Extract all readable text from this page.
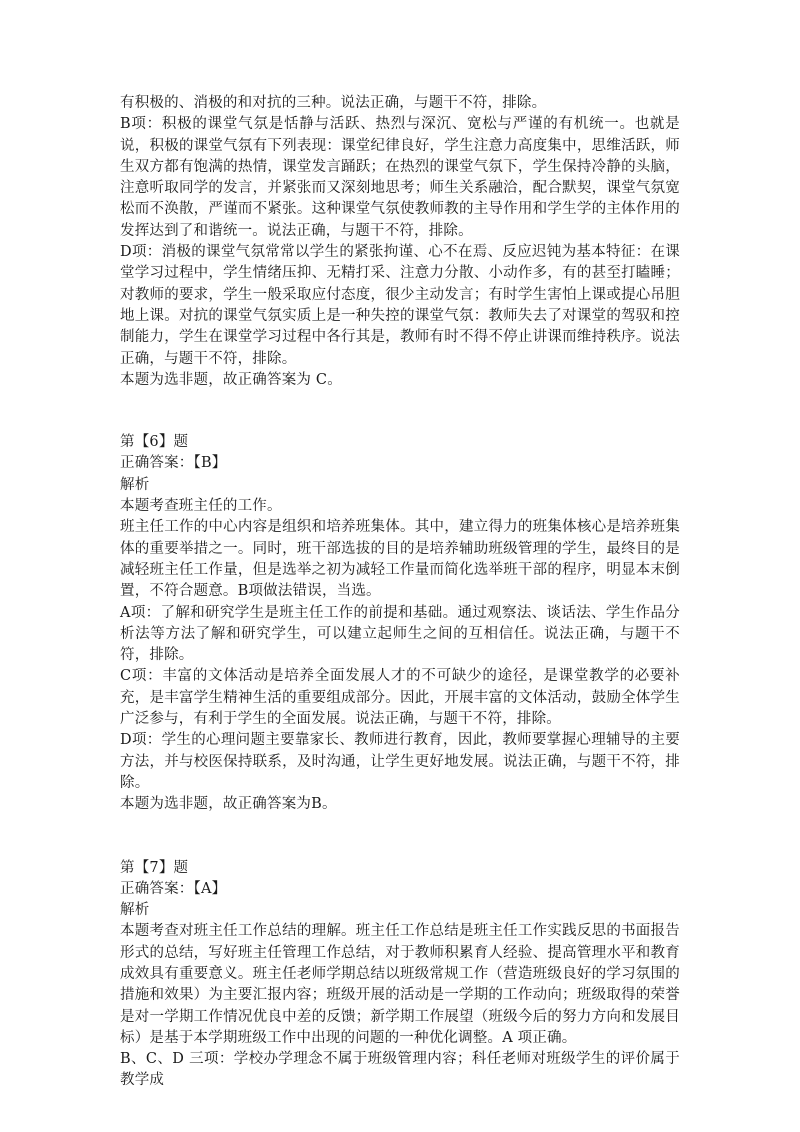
有积极的、消极的和对抗的三种。说法正确，与题干不符，排除。

B项：积极的课堂气氛是恬静与活跃、热烈与深沉、宽松与严谨的有机统一。也就是说，积极的课堂气氛有下列表现：课堂纪律良好，学生注意力高度集中，思维活跃，师生双方都有饱满的热情，课堂发言踊跃；在热烈的课堂气氛下，学生保持冷静的头脑，注意听取同学的发言，并紧张而又深刻地思考；师生关系融洽，配合默契，课堂气氛宽松而不涣散，严谨而不紧张。这种课堂气氛使教师教的主导作用和学生学的主体作用的发挥达到了和谐统一。说法正确，与题干不符，排除。

D项：消极的课堂气氛常常以学生的紧张拘谨、心不在焉、反应迟钝为基本特征：在课堂学习过程中，学生情绪压抑、无精打采、注意力分散、小动作多，有的甚至打瞌睡；对教师的要求，学生一般采取应付态度，很少主动发言；有时学生害怕上课或提心吊胆地上课。对抗的课堂气氛实质上是一种失控的课堂气氛：教师失去了对课堂的驾驭和控制能力，学生在课堂学习过程中各行其是，教师有时不得不停止讲课而维持秩序。说法正确，与题干不符，排除。

本题为选非题，故正确答案为 C。

第【6】题

正确答案：【B】

解析

本题考查班主任的工作。

班主任工作的中心内容是组织和培养班集体。其中，建立得力的班集体核心是培养班集体的重要举措之一。同时，班干部选拔的目的是培养辅助班级管理的学生，最终目的是减轻班主任工作量，但是选举之初为减轻工作量而简化选举班干部的程序，明显本末倒置，不符合题意。B项做法错误，当选。

A项：了解和研究学生是班主任工作的前提和基础。通过观察法、谈话法、学生作品分析法等方法了解和研究学生，可以建立起师生之间的互相信任。说法正确，与题干不符，排除。

C项：丰富的文体活动是培养全面发展人才的不可缺少的途径，是课堂教学的必要补充，是丰富学生精神生活的重要组成部分。因此，开展丰富的文体活动，鼓励全体学生广泛参与，有利于学生的全面发展。说法正确，与题干不符，排除。

D项：学生的心理问题主要靠家长、教师进行教育，因此，教师要掌握心理辅导的主要方法，并与校医保持联系，及时沟通，让学生更好地发展。说法正确，与题干不符，排除。

本题为选非题，故正确答案为B。

第【7】题

正确答案：【A】

解析

本题考查对班主任工作总结的理解。班主任工作总结是班主任工作实践反思的书面报告形式的总结，写好班主任管理工作总结，对于教师积累育人经验、提高管理水平和教育成效具有重要意义。班主任老师学期总结以班级常规工作（营造班级良好的学习氛围的措施和效果）为主要汇报内容；班级开展的活动是一学期的工作动向；班级取得的荣誉是对一学期工作情况优良中差的反馈；新学期工作展望（班级今后的努力方向和发展目标）是基于本学期班级工作中出现的问题的一种优化调整。A 项正确。

B、C、D 三项：学校办学理念不属于班级管理内容；科任老师对班级学生的评价属于教学成
